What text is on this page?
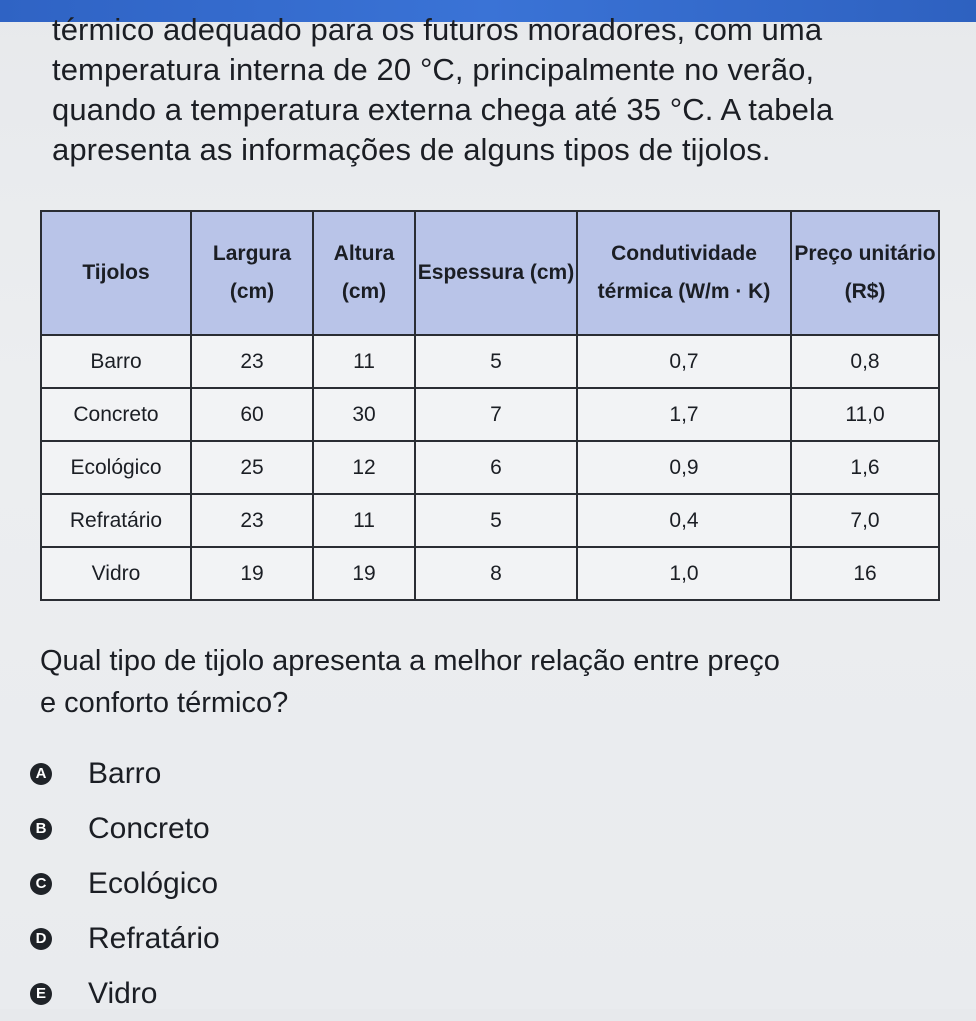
térmico adequado para os futuros moradores, com uma

temperatura interna de 20 °C, principalmente no verão,

quando a temperatura externa chega até 35 °C. A tabela

apresenta as informações de alguns tipos de tijolos.

Tijolos	Largura (cm)	Altura (cm)	Espessura (cm)	Condutividade térmica (W/m · K)	Preço unitário (R$)
Barro	23	11	5	0,7	0,8
Concreto	60	30	7	1,7	11,0
Ecológico	25	12	6	0,9	1,6
Refratário	23	11	5	0,4	7,0
Vidro	19	19	8	1,0	16

Qual tipo de tijolo apresenta a melhor relação entre preço

e conforto térmico?

A Barro
B Concreto
C Ecológico
D Refratário
E Vidro
